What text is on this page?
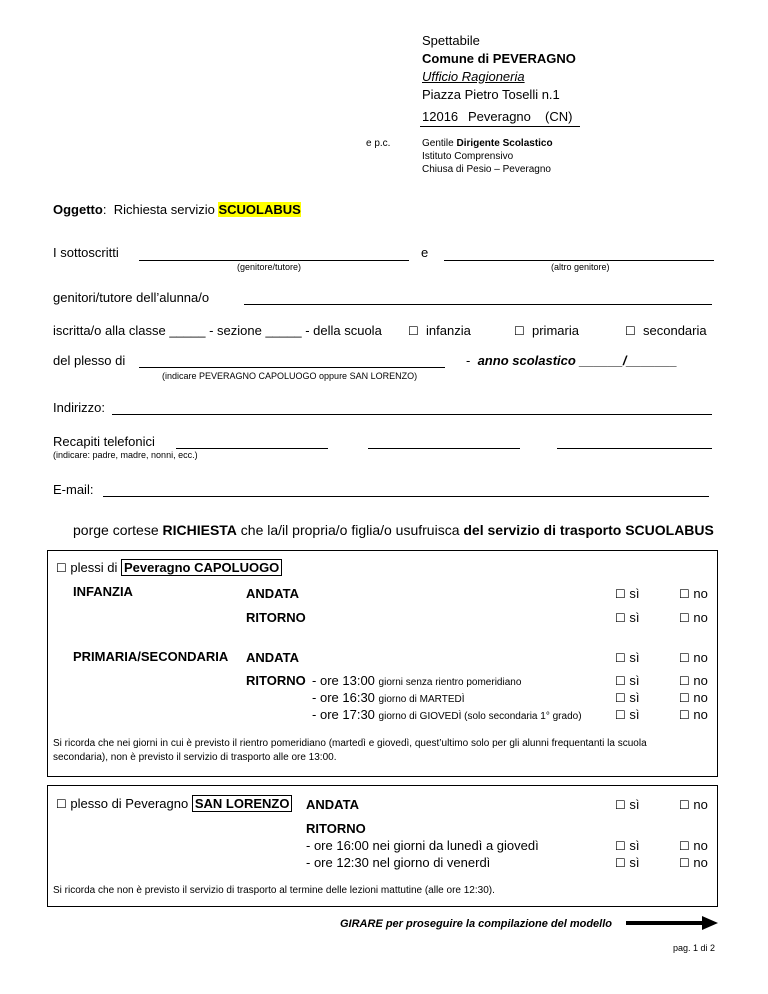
Spettabile
Comune di PEVERAGNO
Ufficio Ragioneria
Piazza Pietro Toselli n.1
12016 Peveragno (CN)
e p.c.	Gentile Dirigente Scolastico
Istituto Comprensivo
Chiusa di Pesio – Peveragno
Oggetto: Richiesta servizio SCUOLABUS
I sottoscritti	e
(genitore/tutore)	(altro genitore)
genitori/tutore dell’alunna/o
iscritta/o alla classe _____ - sezione _____ - della scuola ☐ infanzia	☐ primaria	☐ secondaria
del plesso di
(indicare PEVERAGNO CAPOLUOGO oppure SAN LORENZO)
- anno scolastico ______/_______
Indirizzo:
Recapiti telefonici
(indicare: padre, madre, nonni, ecc.)
E-mail:
porge cortese RICHIESTA che la/il propria/o figlia/o usufruisca del servizio di trasporto SCUOLABUS
☐ plessi di Peveragno CAPOLUOGO
INFANZIA	ANDATA	☐ sì	☐ no
RITORNO	☐ sì	☐ no
PRIMARIA/SECONDARIA ANDATA	☐ sì	☐ no
RITORNO - ore 13:00 giorni senza rientro pomeridiano	☐ sì	☐ no
- ore 16:30 giorno di MARTEDÌ	☐ sì	☐ no
- ore 17:30 giorno di GIOVEDÌ (solo secondaria 1° grado)	☐ sì	☐ no
Si ricorda che nei giorni in cui è previsto il rientro pomeridiano (martedì e giovedì, quest’ultimo solo per gli alunni frequentanti la scuola
secondaria), non è previsto il servizio di trasporto alle ore 13:00.
☐ plesso di Peveragno SAN LORENZO ANDATA	☐ sì	☐ no
RITORNO
- ore 16:00 nei giorni da lunedì a giovedì	☐ sì	☐ no
- ore 12:30 nel giorno di venerdì	☐ sì	☐ no
Si ricorda che non è previsto il servizio di trasporto al termine delle lezioni mattutine (alle ore 12:30).
GIRARE per proseguire la compilazione del modello
pag. 1 di 2
